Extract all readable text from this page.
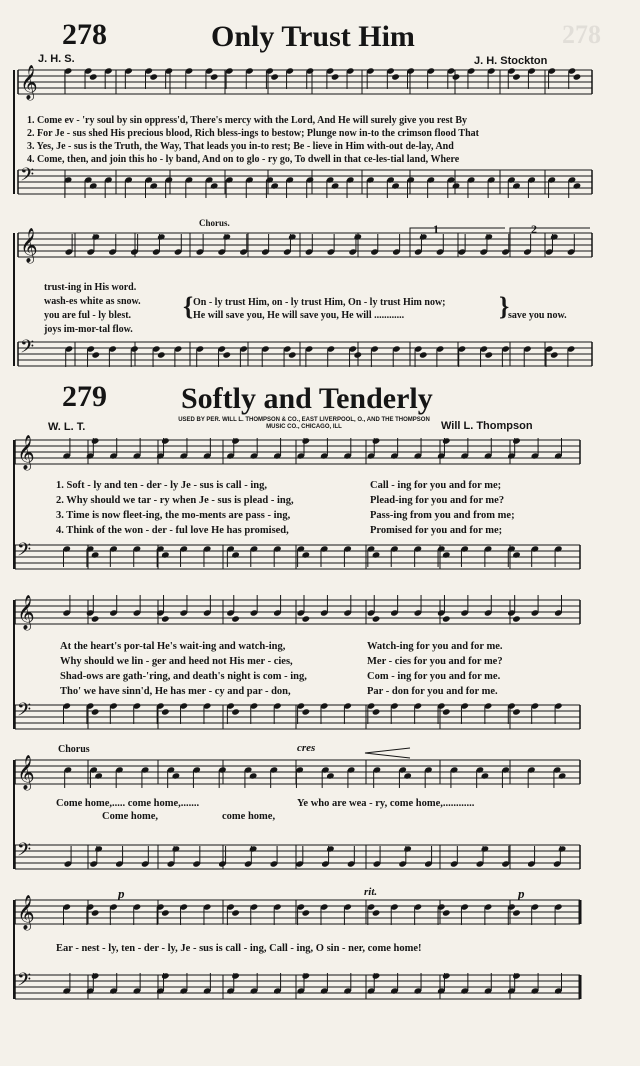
278	Only Trust Him
J. H. S.	J. H. Stockton
278
𝄞
𝄢
𝄞
𝄢
𝄞
𝄢
𝄞
𝄢
𝄞
𝄢
𝄞
𝄢
1. Come ev - 'ry soul by sin oppress'd, There's mercy with the Lord, And He will surely give you rest By
2. For Je - sus shed His precious blood, Rich bless-ings to bestow; Plunge now in-to the crimson flood That
3. Yes, Je - sus is the Truth, the Way, That leads you in-to rest; Be - lieve in Him with-out de-lay, And
4. Come, then, and join this ho - ly band, And on to glo - ry go, To dwell in that ce-les-tial land, Where
Chorus.	1	2
trust-ing in His word.
wash-es white as snow.
you are ful - ly blest.
joys im-mor-tal flow.
{ On - ly trust Him, on - ly trust Him, On - ly trust Him now;
He will save you, He will save you, He will ............	save you now.
}
279 Softly and Tenderly
USED BY PER. WILL L. THOMPSON & CO., EAST LIVERPOOL, O., AND THE THOMPSON MUSIC CO., CHICAGO, ILL
W. L. T.	Will L. Thompson
1. Soft - ly and ten - der - ly Je - sus is call - ing,
2. Why should we tar - ry when Je - sus is plead - ing,
3. Time is now fleet-ing, the mo-ments are pass - ing,
4. Think of the won - der - ful love He has promised,
Call - ing for you and for me;
Plead-ing for you and for me?
Pass-ing from you and from me;
Promised for you and for me;
At the heart's por-tal He's wait-ing and watch-ing,
Why should we lin - ger and heed not His mer - cies,
Shad-ows are gath-'ring, and death's night is com - ing,
Tho' we have sinn'd, He has mer - cy and par - don,
Watch-ing for you and for me.
Mer - cies for you and for me?
Com - ing for you and for me.
Par - don for you and for me.
Chorus	cres
Come home,..... come home,.......	Ye who are wea - ry, come home,............
Come home,	come home,
p	p
rit.
Ear - nest - ly, ten - der - ly, Je - sus is call - ing, Call - ing, O sin - ner, come home!
